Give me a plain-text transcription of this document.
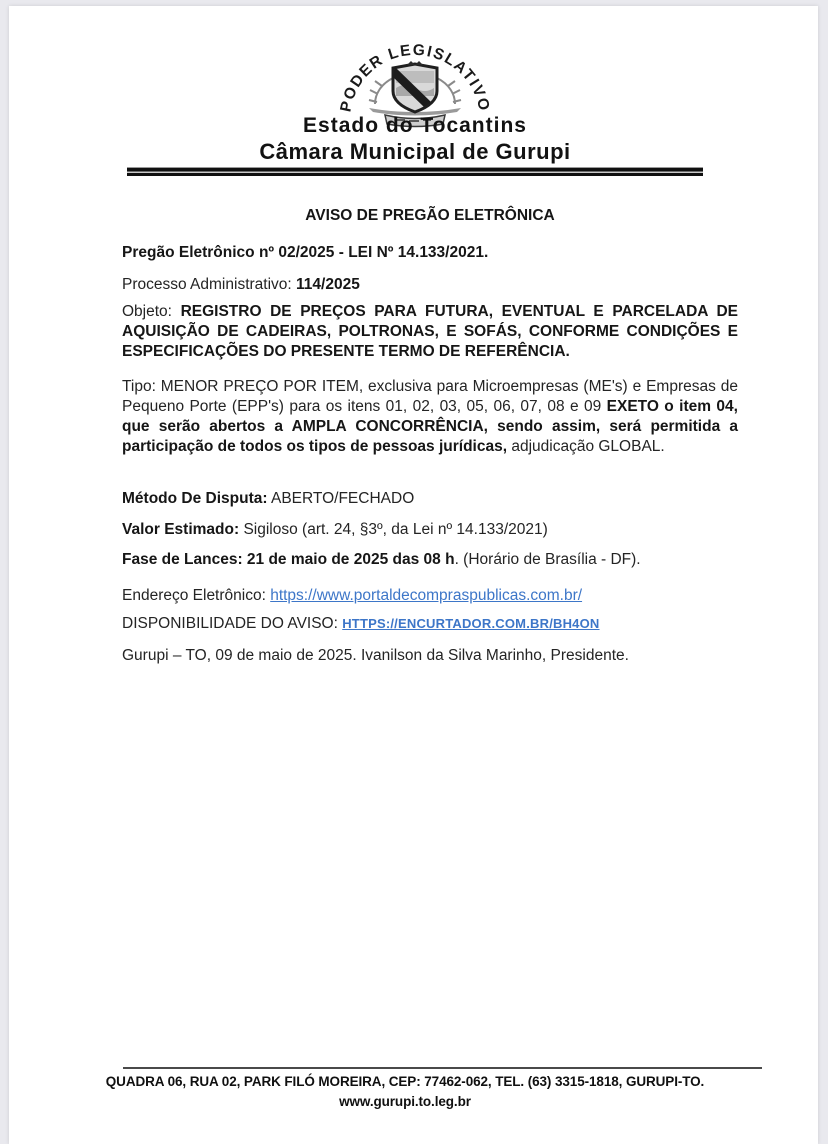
PODER LEGISLATIVO
Estado do Tocantins
Câmara Municipal de Gurupi
AVISO DE PREGÃO ELETRÔNICA
Pregão Eletrônico nº 02/2025 - LEI Nº 14.133/2021.
Processo Administrativo: 114/2025
Objeto: REGISTRO DE PREÇOS PARA FUTURA, EVENTUAL E PARCELADA DE AQUISIÇÃO DE CADEIRAS, POLTRONAS, E SOFÁS, CONFORME CONDIÇÕES E ESPECIFICAÇÕES DO PRESENTE TERMO DE REFERÊNCIA.
Tipo: MENOR PREÇO POR ITEM, exclusiva para Microempresas (ME's) e Empresas de Pequeno Porte (EPP's) para os itens 01, 02, 03, 05, 06, 07, 08 e 09 EXETO o item 04, que serão abertos a AMPLA CONCORRÊNCIA, sendo assim, será permitida a participação de todos os tipos de pessoas jurídicas, adjudicação GLOBAL.
Método De Disputa: ABERTO/FECHADO
Valor Estimado: Sigiloso (art. 24, §3º, da Lei nº 14.133/2021)
Fase de Lances: 21 de maio de 2025 das 08 h. (Horário de Brasília - DF).
Endereço Eletrônico: https://www.portaldecompraspublicas.com.br/
DISPONIBILIDADE DO AVISO: HTTPS://ENCURTADOR.COM.BR/BH4ON
Gurupi – TO, 09 de maio de 2025. Ivanilson da Silva Marinho, Presidente.
QUADRA 06, RUA 02, PARK FILÓ MOREIRA, CEP: 77462-062, TEL. (63) 3315-1818, GURUPI-TO.
www.gurupi.to.leg.br
